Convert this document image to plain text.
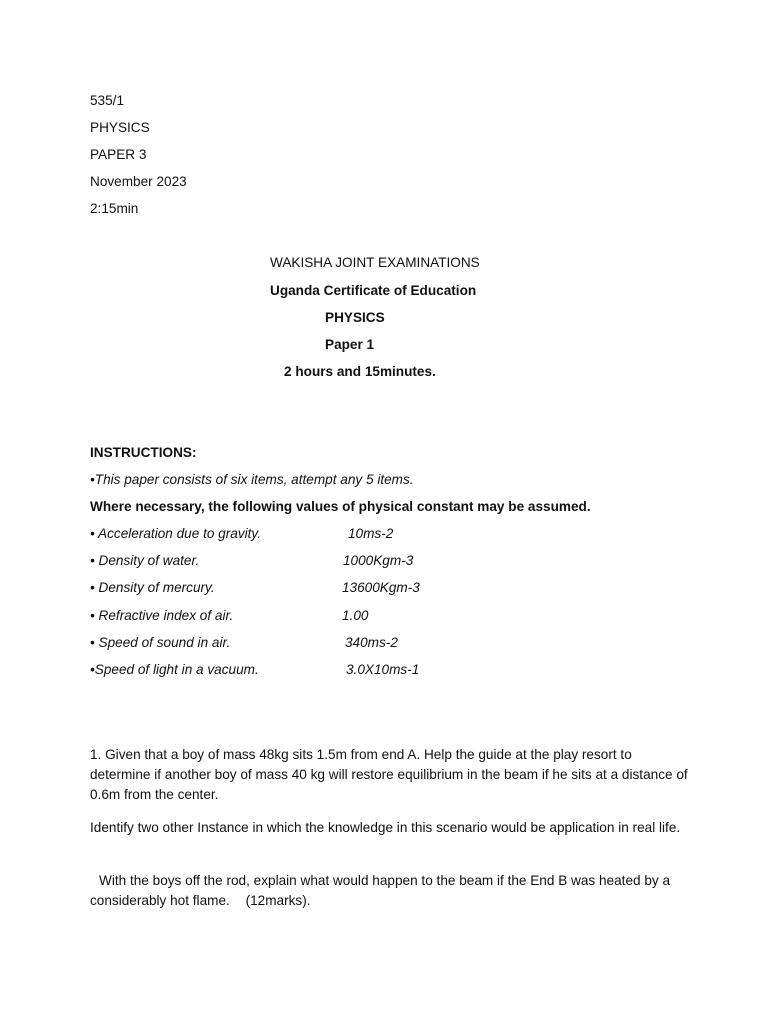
535/1
PHYSICS
PAPER 3
November 2023
2:15min
WAKISHA JOINT EXAMINATIONS
Uganda Certificate of Education
PHYSICS
Paper 1
2 hours and 15minutes.
INSTRUCTIONS:
•This paper consists of six items, attempt any 5 items.
Where necessary, the following values of physical constant may be assumed.
• Acceleration due to gravity.	10ms-2
• Density of water.	1000Kgm-3
• Density of mercury.	13600Kgm-3
• Refractive index of air.	1.00
• Speed of sound in air.	340ms-2
•Speed of light in a vacuum.	3.0X10ms-1
1. Given that a boy of mass 48kg sits 1.5m from end A. Help the guide at the play resort to determine if another boy of mass 40 kg will restore equilibrium in the beam if he sits at a distance of 0.6m from the center.
Identify two other Instance in which the knowledge in this scenario would be application in real life.
With the boys off the rod, explain what would happen to the beam if the End B was heated by a considerably hot flame. (12marks).
